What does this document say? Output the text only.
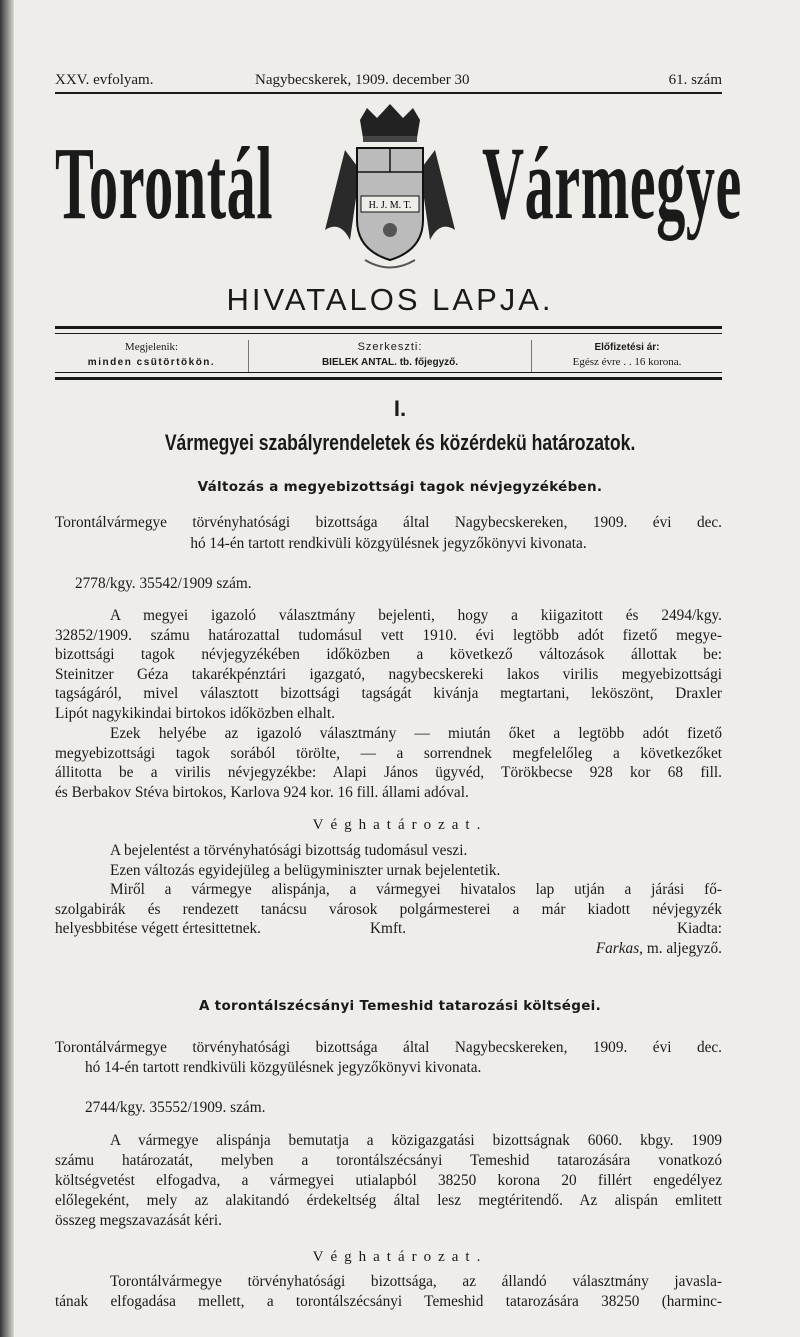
XXV. evfolyam.	Nagybecskerek, 1909. december 30	61. szám
Torontál Vármegye
H. J. M. T.
HIVATALOS LAPJA.
Megjelenik:
minden csütörtökön.
Szerkeszti:
BIELEK ANTAL. tb. főjegyző.
Előfizetési ár:
Egész évre . . 16 korona.
I.
Vármegyei szabályrendeletek és közérdekü határozatok.
Változás a megyebizottsági tagok névjegyzékében.
Torontálvármegye törvényhatósági bizottsága által Nagybecskereken, 1909. évi dec.
hó 14-én tartott rendkivüli közgyülésnek jegyzőkönyvi kivonata.
2778/kgy. 35542/1909 szám.
A megyei igazoló választmány bejelenti, hogy a kiigazitott és 2494/kgy.
32852/1909. számu határozattal tudomásul vett 1910. évi legtöbb adót fizető megye-
bizottsági tagok névjegyzékében időközben a következő változások állottak be:
Steinitzer Géza takarékpénztári igazgató, nagybecskereki lakos virilis megyebizottsági
tagságáról, mivel választott bizottsági tagságát kivánja megtartani, leköszönt, Draxler
Lipót nagykikindai birtokos időközben elhalt.
Ezek helyébe az igazoló választmány — miután őket a legtöbb adót fizető
megyebizottsági tagok sorából törölte, — a sorrendnek megfelelőleg a következőket
állitotta be a virilis névjegyzékbe: Alapi János ügyvéd, Törökbecse 928 kor 68 fill.
és Berbakov Stéva birtokos, Karlova 924 kor. 16 fill. állami adóval.
Véghatározat.
A bejelentést a törvényhatósági bizottság tudomásul veszi.
Ezen változás egyidejüleg a belügyminiszter urnak bejelentetik.
Miről a vármegye alispánja, a vármegyei hivatalos lap utján a járási fő-
szolgabirák és rendezett tanácsu városok polgármesterei a már kiadott névjegyzék
helyesbbitése végett értesittetnek.	Kmft.	Kiadta:
Farkas, m. aljegyző.
A torontálszécsányi Temeshid tatarozási költségei.
Torontálvármegye törvényhatósági bizottsága által Nagybecskereken, 1909. évi dec.
hó 14-én tartott rendkivüli közgyülésnek jegyzőkönyvi kivonata.
2744/kgy. 35552/1909. szám.
A vármegye alispánja bemutatja a közigazgatási bizottságnak 6060. kbgy. 1909
számu határozatát, melyben a torontálszécsányi Temeshid tatarozására vonatkozó
költségvetést elfogadva, a vármegyei utialapból 38250 korona 20 fillért engedélyez
előlegeként, mely az alakitandó érdekeltség által lesz megtéritendő. Az alispán emlitett
összeg megszavazását kéri.
Véghatározat.
Torontálvármegye törvényhatósági bizottsága, az állandó választmány javasla-
tának elfogadása mellett, a torontálszécsányi Temeshid tatarozására 38250 (harminc-
